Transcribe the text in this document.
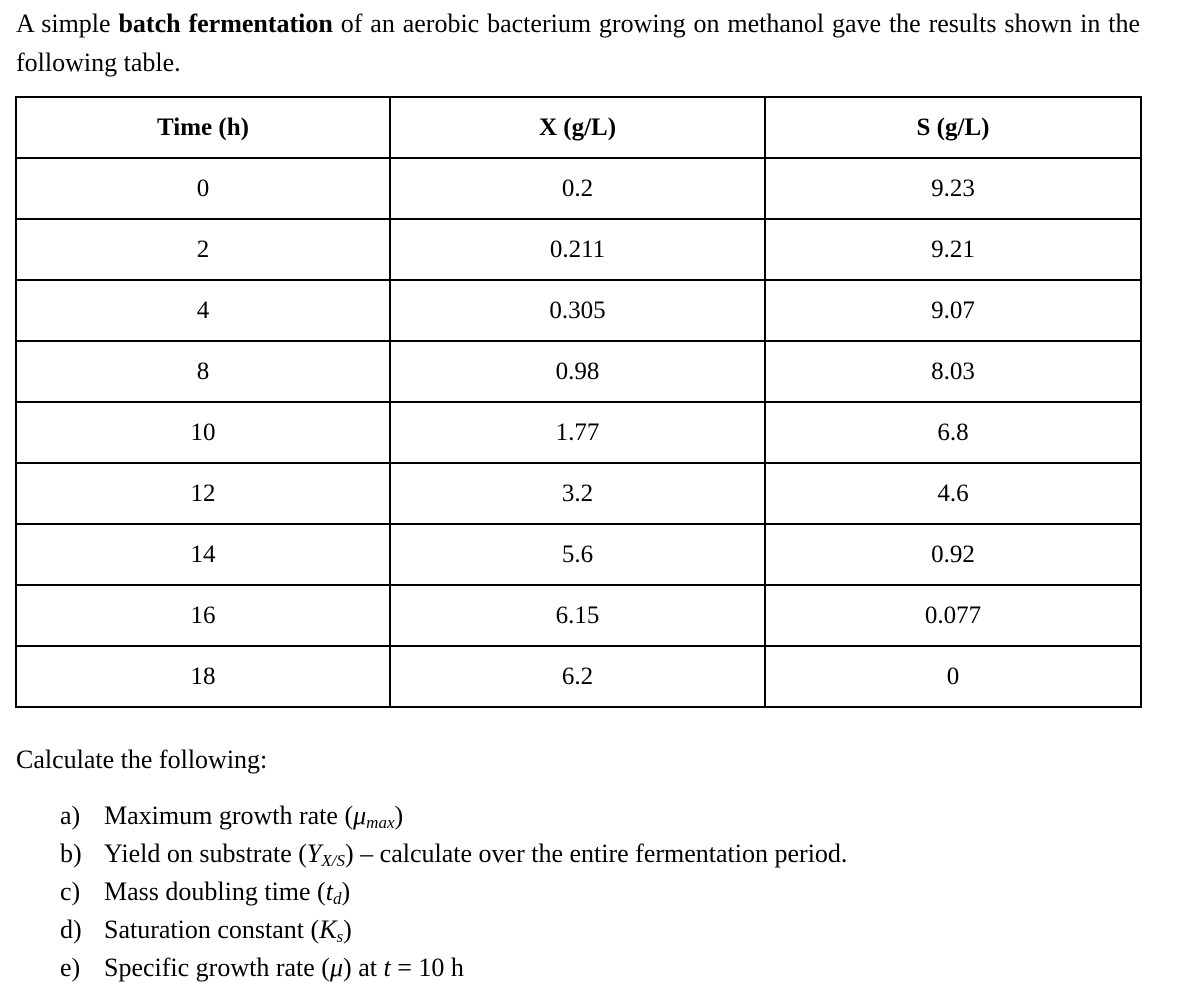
A simple batch fermentation of an aerobic bacterium growing on methanol gave the results shown in the following table.

Time (h)	X (g/L)	S (g/L)
0	0.2	9.23
2	0.211	9.21
4	0.305	9.07
8	0.98	8.03
10	1.77	6.8
12	3.2	4.6
14	5.6	0.92
16	6.15	0.077
18	6.2	0

Calculate the following:

a) Maximum growth rate $(\mu_{max})$
b) Yield on substrate $(Y_{X/S})$ – calculate over the entire fermentation period.
c) Mass doubling time $(t_d)$
d) Saturation constant $(K_s)$
e) Specific growth rate (μ) at t = 10 h
